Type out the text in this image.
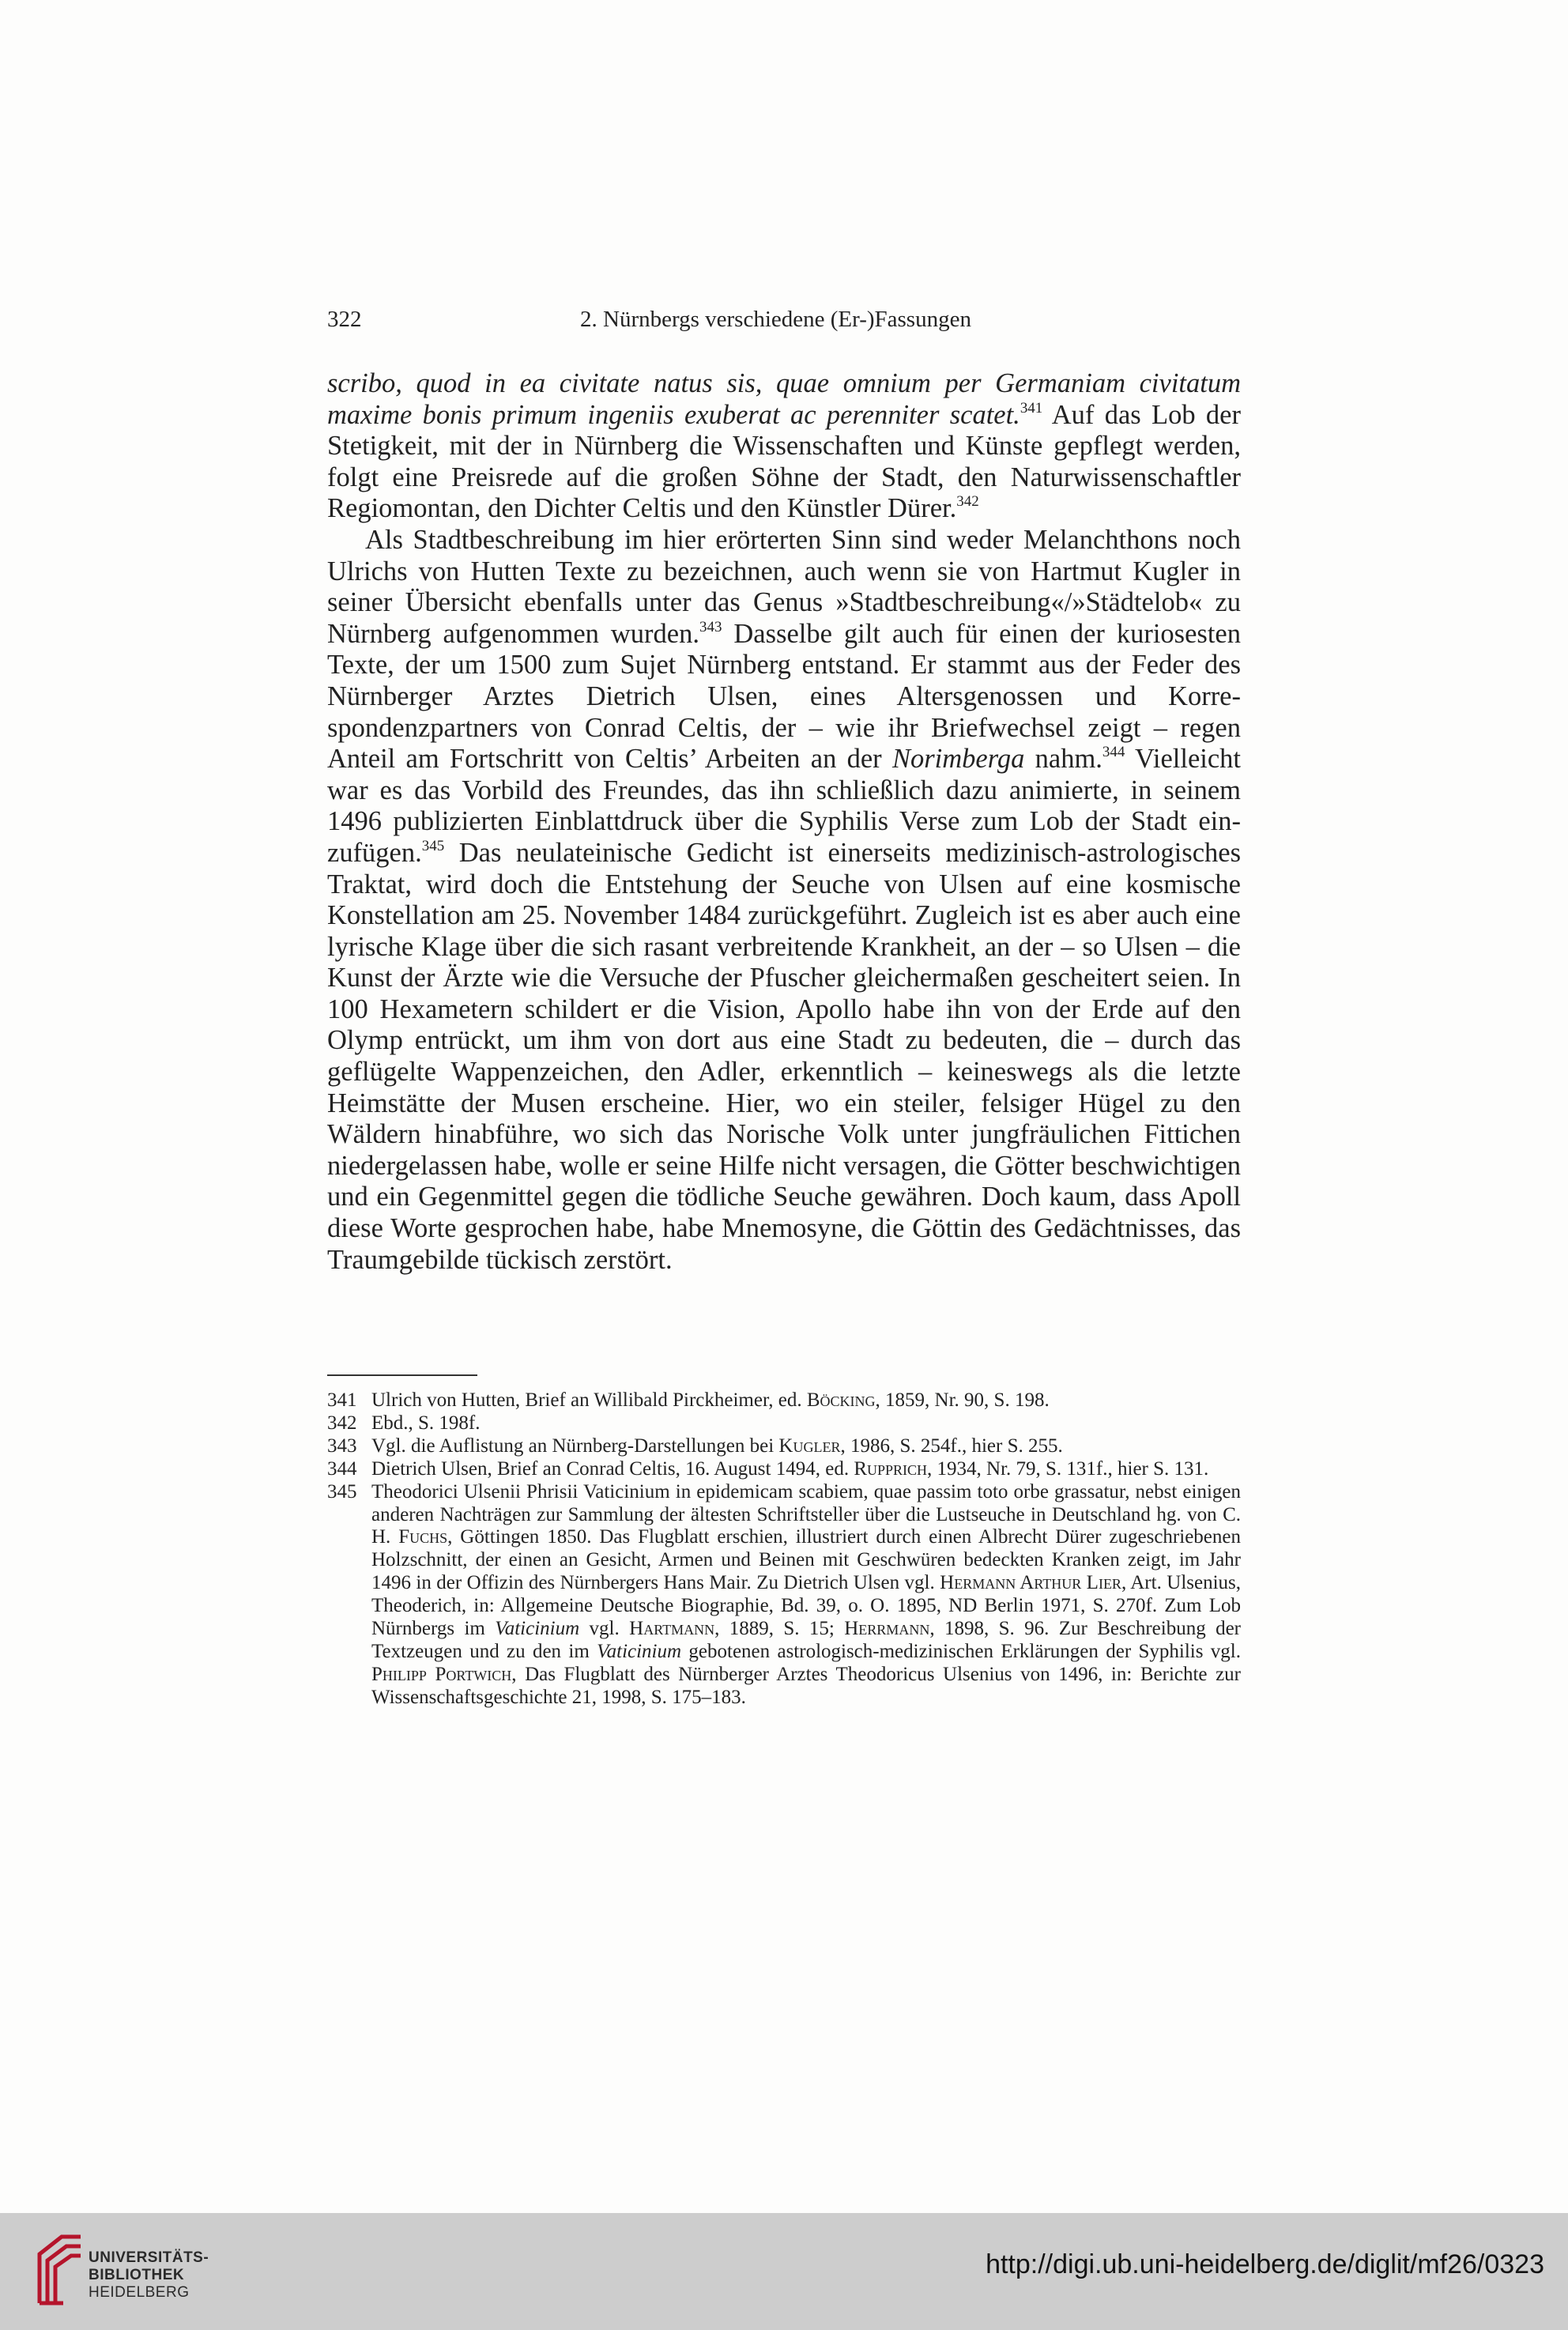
322	2. Nürnbergs verschiedene (Er-)Fassungen

scribo, quod in ea civitate natus sis, quae omnium per Germaniam civitatum maxime bonis primum ingeniis exuberat ac perenniter scatet.$^{341}$ Auf das Lob der Stetigkeit, mit der in Nürnberg die Wissenschaften und Künste gepflegt werden, folgt eine Preisrede auf die großen Söhne der Stadt, den Naturwissenschaftler Regiomontan, den Dichter Celtis und den Künstler Dürer.$^{342}$

Als Stadtbeschreibung im hier erörterten Sinn sind weder Melanchthons noch Ulrichs von Hutten Texte zu bezeichnen, auch wenn sie von Hartmut Kugler in seiner Übersicht ebenfalls unter das Genus »Stadtbeschreibung«/»Städtelob« zu Nürnberg aufgenommen wurden.$^{343}$ Dasselbe gilt auch für einen der kuriosesten Texte, der um 1500 zum Sujet Nürnberg entstand. Er stammt aus der Feder des Nürnberger Arztes Dietrich Ulsen, eines Altersgenossen und Korrespondenzpartners von Conrad Celtis, der – wie ihr Briefwechsel zeigt – regen Anteil am Fortschritt von Celtis’ Arbeiten an der Norimberga nahm.$^{344}$ Vielleicht war es das Vorbild des Freundes, das ihn schließlich dazu animierte, in seinem 1496 publizierten Einblattdruck über die Syphilis Verse zum Lob der Stadt einzufügen.$^{345}$ Das neulateinische Gedicht ist einerseits medizinisch-astrologisches Traktat, wird doch die Entstehung der Seuche von Ulsen auf eine kosmische Konstellation am 25. November 1484 zurückgeführt. Zugleich ist es aber auch eine lyrische Klage über die sich rasant verbreitende Krankheit, an der – so Ulsen – die Kunst der Ärzte wie die Versuche der Pfuscher gleichermaßen gescheitert seien. In 100 Hexametern schildert er die Vision, Apollo habe ihn von der Erde auf den Olymp entrückt, um ihm von dort aus eine Stadt zu bedeuten, die – durch das geflügelte Wappenzeichen, den Adler, erkenntlich – keineswegs als die letzte Heimstätte der Musen erscheine. Hier, wo ein steiler, felsiger Hügel zu den Wäldern hinabführe, wo sich das Norische Volk unter jungfräulichen Fittichen niedergelassen habe, wolle er seine Hilfe nicht versagen, die Götter beschwichtigen und ein Gegenmittel gegen die tödliche Seuche gewähren. Doch kaum, dass Apoll diese Worte gesprochen habe, habe Mnemosyne, die Göttin des Gedächtnisses, das Traumgebilde tückisch zerstört.

341 Ulrich von Hutten, Brief an Willibald Pirckheimer, ed. Böcking, 1859, Nr. 90, S. 198.
342 Ebd., S. 198f.
343 Vgl. die Auflistung an Nürnberg-Darstellungen bei Kugler, 1986, S. 254f., hier S. 255.
344 Dietrich Ulsen, Brief an Conrad Celtis, 16. August 1494, ed. Rupprich, 1934, Nr. 79, S. 131f., hier S. 131.
345 Theodorici Ulsenii Phrisii Vaticinium in epidemicam scabiem, quae passim toto orbe grassatur, nebst einigen anderen Nachträgen zur Sammlung der ältesten Schriftsteller über die Lustseuche in Deutschland hg. von C. H. Fuchs, Göttingen 1850. Das Flugblatt erschien, illustriert durch einen Albrecht Dürer zugeschriebenen Holzschnitt, der einen an Gesicht, Armen und Beinen mit Geschwüren bedeckten Kranken zeigt, im Jahr 1496 in der Offizin des Nürnbergers Hans Mair. Zu Dietrich Ulsen vgl. Hermann Arthur Lier, Art. Ulsenius, Theoderich, in: Allgemeine Deutsche Biographie, Bd. 39, o. O. 1895, ND Berlin 1971, S. 270f. Zum Lob Nürnbergs im Vaticinium vgl. Hartmann, 1889, S. 15; Herrmann, 1898, S. 96. Zur Beschreibung der Textzeugen und zu den im Vaticinium gebotenen astrologisch-medizinischen Erklärungen der Syphilis vgl. Philipp Portwich, Das Flugblatt des Nürnberger Arztes Theodoricus Ulsenius von 1496, in: Berichte zur Wissenschaftsgeschichte 21, 1998, S. 175–183.
UNIVERSITÄTS-
BIBLIOTHEK
HEIDELBERG
http://digi.ub.uni-heidelberg.de/diglit/mf26/0323
